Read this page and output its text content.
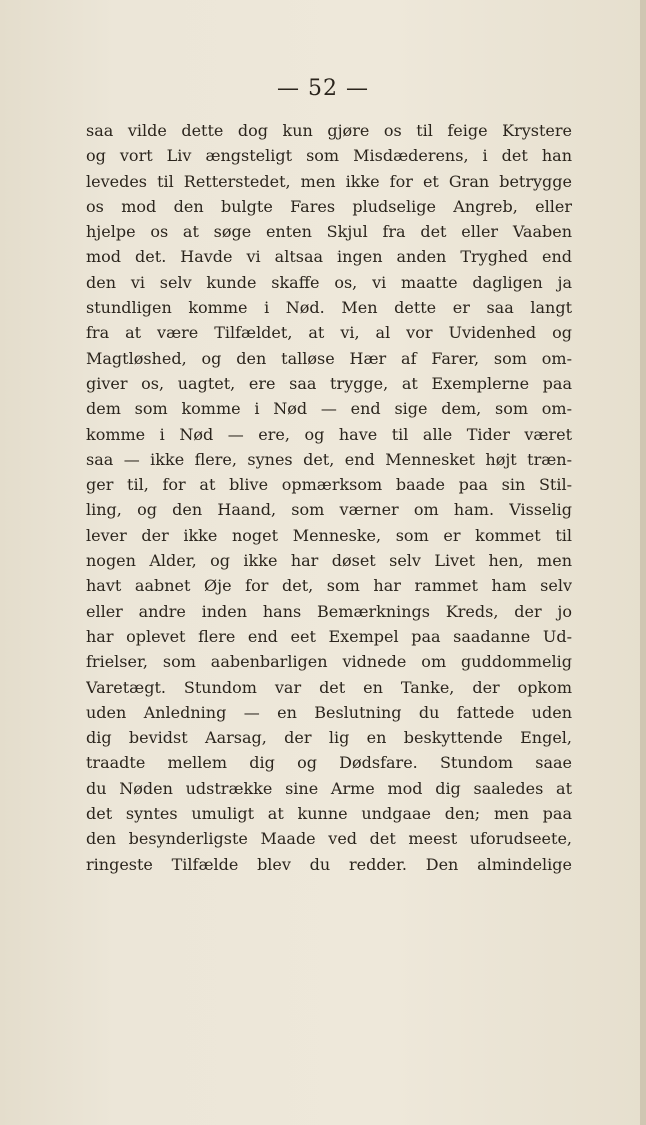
— 52 —
saa vilde dette dog kun gjøre os til feige Krystere
og vort Liv ængsteligt som Misdæderens, i det han
levedes til Retterstedet, men ikke for et Gran betrygge
os mod den bulgte Fares pludselige Angreb, eller
hjelpe os at søge enten Skjul fra det eller Vaaben
mod det. Havde vi altsaa ingen anden Tryghed end
den vi selv kunde skaffe os, vi maatte dagligen ja
stundligen komme i Nød. Men dette er saa langt
fra at være Tilfældet, at vi, al vor Uvidenhed og
Magtløshed, og den talløse Hær af Farer, som om-
giver os, uagtet, ere saa trygge, at Exemplerne paa
dem som komme i Nød — end sige dem, som om-
komme i Nød — ere, og have til alle Tider været
saa — ikke flere, synes det, end Mennesket højt træn-
ger til, for at blive opmærksom baade paa sin Stil-
ling, og den Haand, som værner om ham. Visselig
lever der ikke noget Menneske, som er kommet til
nogen Alder, og ikke har døset selv Livet hen, men
havt aabnet Øje for det, som har rammet ham selv
eller andre inden hans Bemærknings Kreds, der jo
har oplevet flere end eet Exempel paa saadanne Ud-
frielser, som aabenbarligen vidnede om guddommelig
Varetægt. Stundom var det en Tanke, der opkom
uden Anledning — en Beslutning du fattede uden
dig bevidst Aarsag, der lig en beskyttende Engel,
traadte mellem dig og Dødsfare. Stundom saae
du Nøden udstrække sine Arme mod dig saaledes at
det syntes umuligt at kunne undgaae den; men paa
den besynderligste Maade ved det meest uforudseete,
ringeste Tilfælde blev du redder. Den almindelige
